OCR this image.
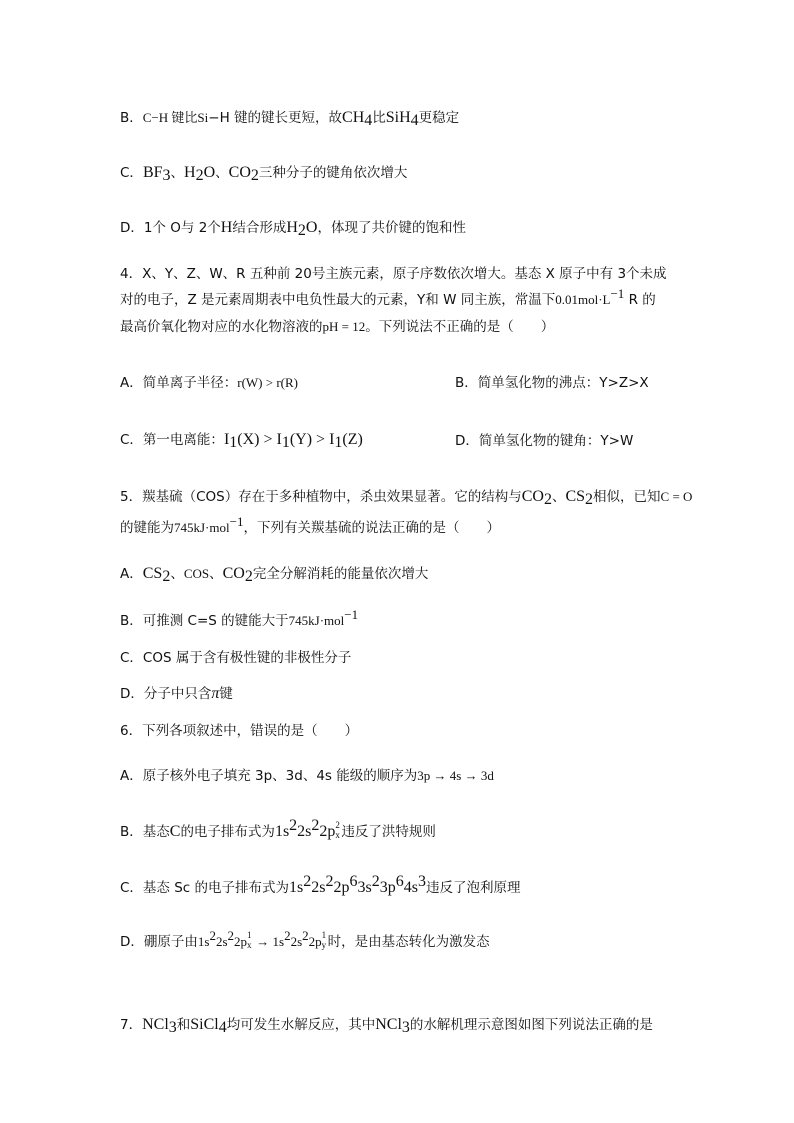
B．C−H 键比Si−H 键的键长更短，故$CH_4$比SiH$_4$更稳定
C．$BF_3$、$H_2O$、$CO_2$三种分子的键角依次增大
D．1个 O与 2个H结合形成$H_2O$，体现了共价键的饱和性
4．X、Y、Z、W、R 五种前 20号主族元素，原子序数依次增大。基态 X 原子中有 3个未成
对的电子，Z 是元素周期表中电负性最大的元素，Y和 W 同主族，常温下$0.01mol\cdot L^{-1}$ R 的
最高价氧化物对应的水化物溶液的pH = 12。下列说法不正确的是（　　）
A．简单离子半径：r(W) > r(R)	B．简单氢化物的沸点：Y>Z>X
C．第一电离能：$I_1(X) > I_1(Y) > I_1(Z)$	D．简单氢化物的键角：Y>W
5．羰基硫（COS）存在于多种植物中，杀虫效果显著。它的结构与$CO_2$、$CS_2$相似，已知C = O
的键能为745kJ·mol$^{-1}$，下列有关羰基硫的说法正确的是（　　）
A．$CS_2$、COS、$CO_2$完全分解消耗的能量依次增大
B．可推测 C=S 的键能大于745kJ·mol$^{-1}$
C．COS 属于含有极性键的非极性分子
D．分子中只含π键
6．下列各项叙述中，错误的是（　　）
A．原子核外电子填充 3p、3d、4s 能级的顺序为3p → 4s → 3d
B．基态C的电子排布式为$1s^22s^22p$ 2
x 违反了洪特规则
C．基态 Sc 的电子排布式为$1s^22s^22p^63s^23p^64s^3$违反了泡利原理
D．硼原子由$1s^22s^22p$ 1
$x \to 1s^22s^22p$ 1
y 时，是由基态转化为激发态
7．NCl$_3$和SiCl$_4$均可发生水解反应，其中NCl$_3$的水解机理示意图如图下列说法正确的是
